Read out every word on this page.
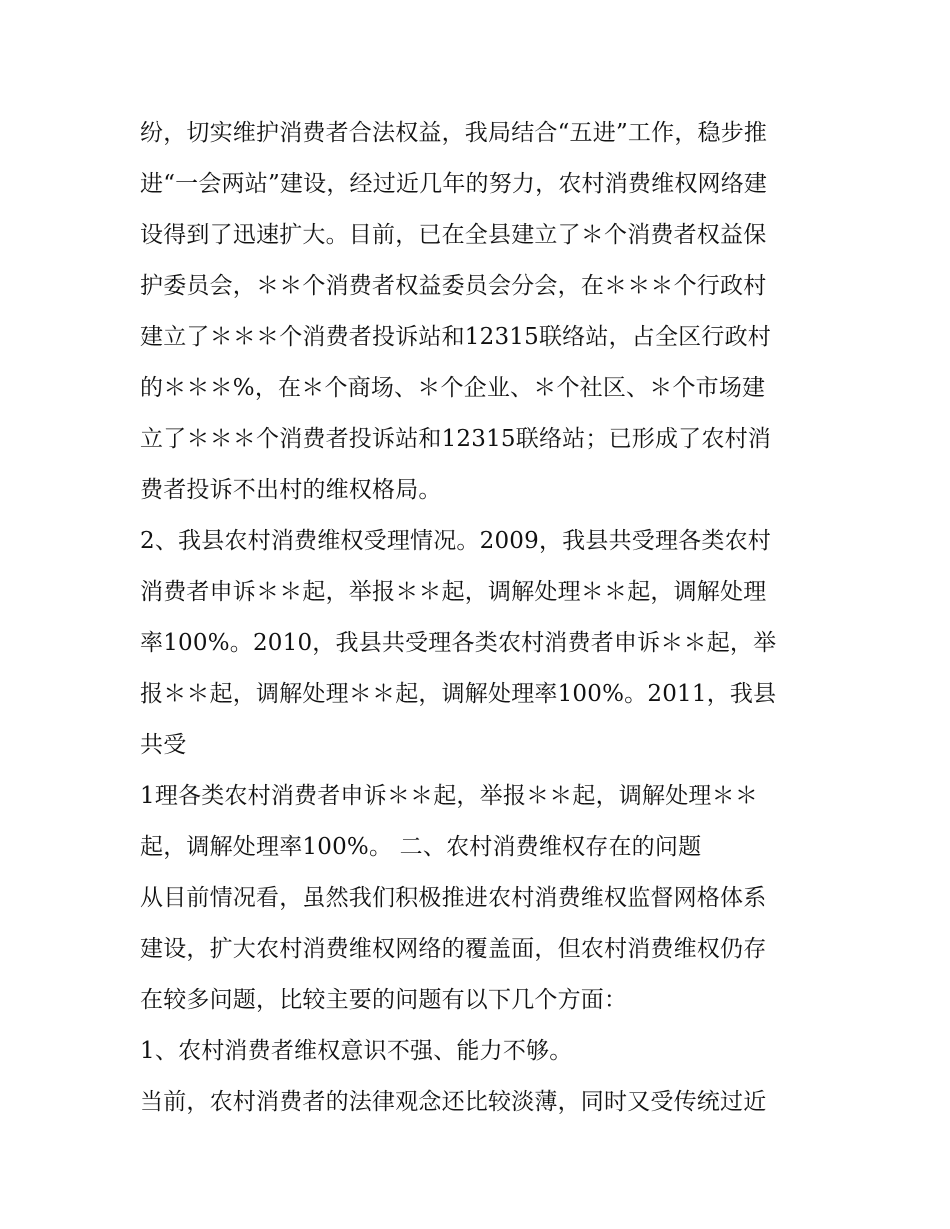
纷，切实维护消费者合法权益，我局结合“五进”工作，稳步推
进“一会两站”建设，经过近几年的努力，农村消费维权网络建
设得到了迅速扩大。目前，已在全县建立了＊个消费者权益保
护委员会，＊＊个消费者权益委员会分会，在＊＊＊个行政村
建立了＊＊＊个消费者投诉站和12315联络站，占全区行政村
的＊＊＊%，在＊个商场、＊个企业、＊个社区、＊个市场建
立了＊＊＊个消费者投诉站和12315联络站；已形成了农村消
费者投诉不出村的维权格局。
2、我县农村消费维权受理情况。2009，我县共受理各类农村
消费者申诉＊＊起，举报＊＊起，调解处理＊＊起，调解处理
率100%。2010，我县共受理各类农村消费者申诉＊＊起，举
报＊＊起，调解处理＊＊起，调解处理率100%。2011，我县
共受
1理各类农村消费者申诉＊＊起，举报＊＊起，调解处理＊＊
起，调解处理率100%。 二、农村消费维权存在的问题
从目前情况看，虽然我们积极推进农村消费维权监督网格体系
建设，扩大农村消费维权网络的覆盖面，但农村消费维权仍存
在较多问题，比较主要的问题有以下几个方面：
1、农村消费者维权意识不强、能力不够。
当前，农村消费者的法律观念还比较淡薄，同时又受传统过近
